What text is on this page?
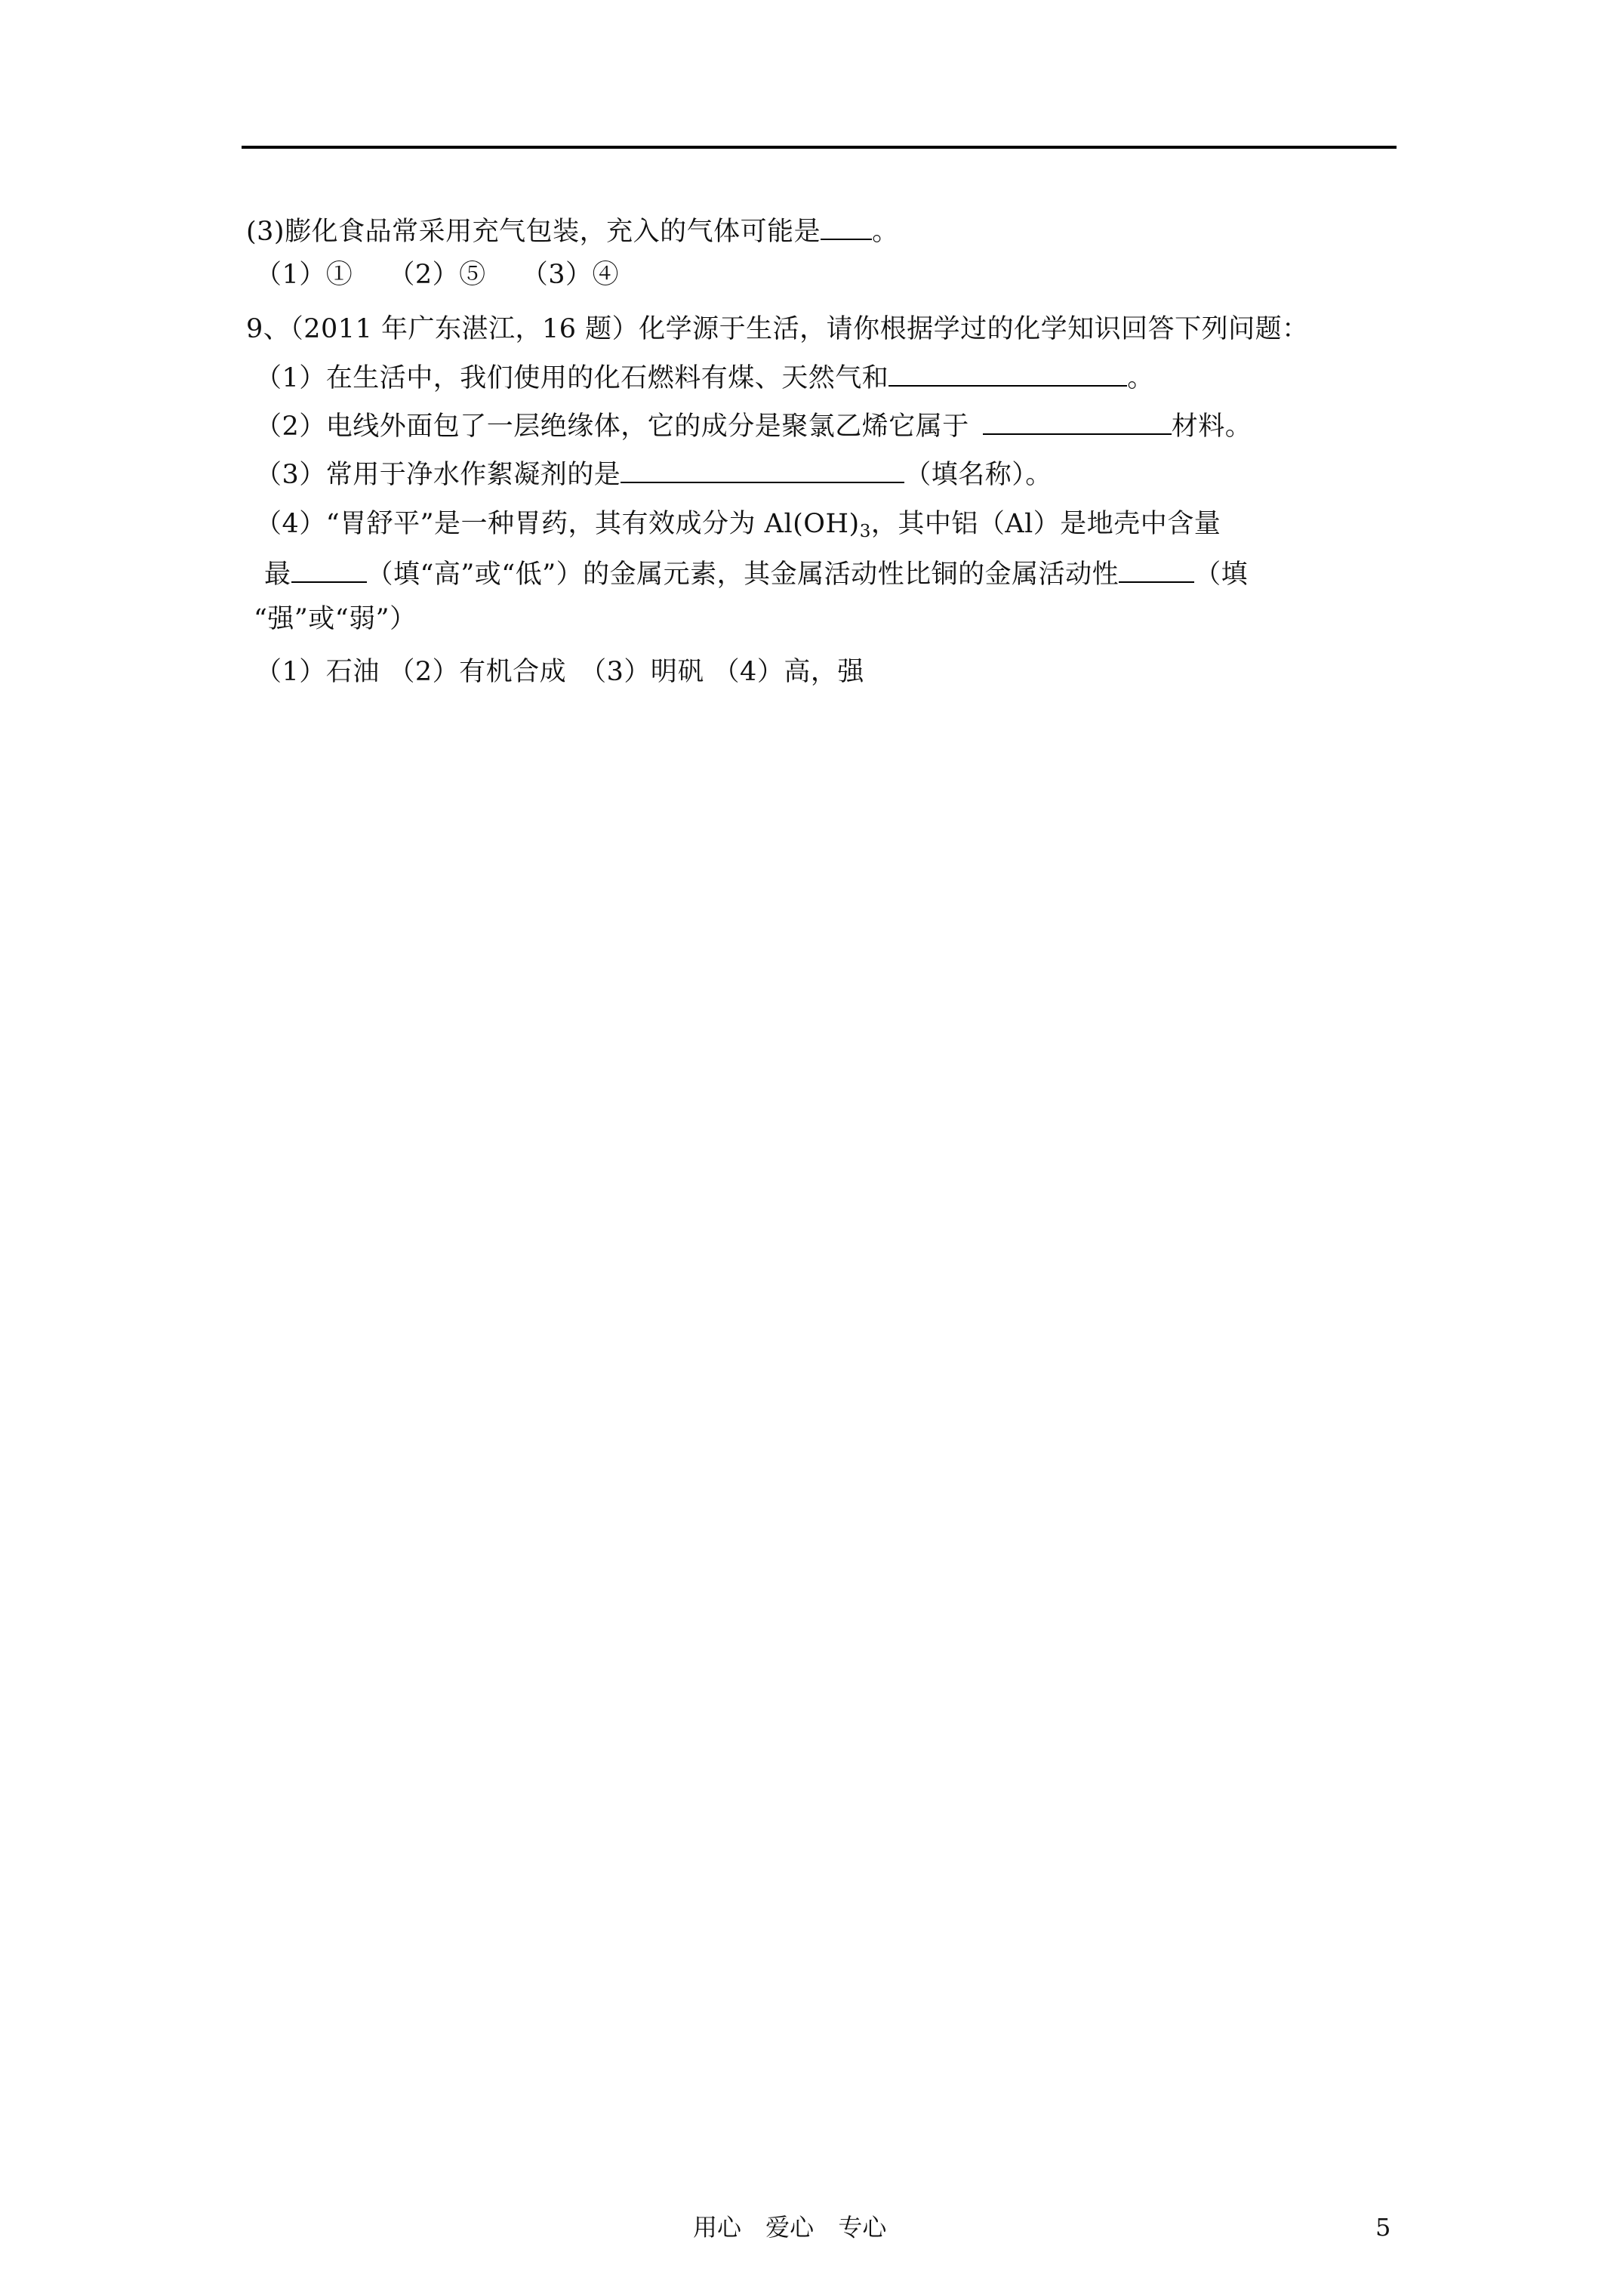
(3)膨化食品常采用充气包装，充入的气体可能是 。
（1）①　 （2）⑤　 （3）④
9、（2011 年广东湛江，16 题）化学源于生活，请你根据学过的化学知识回答下列问题：
（1）在生活中，我们使用的化石燃料有煤、天然气和	。
（2）电线外面包了一层绝缘体，它的成分是聚氯乙烯它属于	材料。
（3）常用于净水作絮凝剂的是	（填名称）。
（4）“胃舒平”是一种胃药，其有效成分为 $Al(OH)_3$，其中铝（Al）是地壳中含量
最	（填“高”或“低”）的金属元素，其金属活动性比铜的金属活动性	（填
“强”或“弱”）
（1）石油 （2）有机合成　（3）明矾 （4）高，强
用心 爱心 专心	5
